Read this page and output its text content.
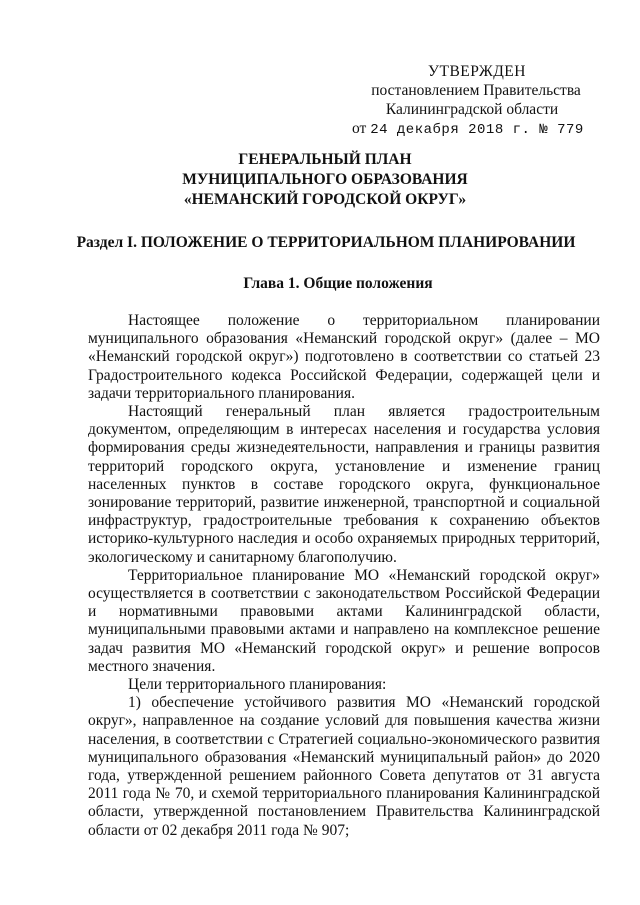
УТВЕРЖДЕН
постановлением Правительства
Калининградской области
от 24 декабря 2018 г. № 779
ГЕНЕРАЛЬНЫЙ ПЛАН
МУНИЦИПАЛЬНОГО ОБРАЗОВАНИЯ
«НЕМАНСКИЙ ГОРОДСКОЙ ОКРУГ»
Раздел I. ПОЛОЖЕНИЕ О ТЕРРИТОРИАЛЬНОМ ПЛАНИРОВАНИИ
Глава 1. Общие положения

Настоящее положение о территориальном планировании муниципального образования «Неманский городской округ» (далее – МО «Неманский городской округ») подготовлено в соответствии со статьей 23 Градостроительного кодекса Российской Федерации, содержащей цели и задачи территориального планирования.

Настоящий генеральный план является градостроительным документом, определяющим в интересах населения и государства условия формирования среды жизнедеятельности, направления и границы развития территорий городского округа, установление и изменение границ населенных пунктов в составе городского округа, функциональное зонирование территорий, развитие инженерной, транспортной и социальной инфраструктур, градостроительные требования к сохранению объектов историко-культурного наследия и особо охраняемых природных территорий, экологическому и санитарному благополучию.

Территориальное планирование МО «Неманский городской округ» осуществляется в соответствии с законодательством Российской Федерации и нормативными правовыми актами Калининградской области, муниципальными правовыми актами и направлено на комплексное решение задач развития МО «Неманский городской округ» и решение вопросов местного значения.

Цели территориального планирования:

1) обеспечение устойчивого развития МО «Неманский городской округ», направленное на создание условий для повышения качества жизни населения, в соответствии с Стратегией социально-экономического развития муниципального образования «Неманский муниципальный район» до 2020 года, утвержденной решением районного Совета депутатов от 31 августа 2011 года № 70, и схемой территориального планирования Калининградской области, утвержденной постановлением Правительства Калининградской области от 02 декабря 2011 года № 907;
